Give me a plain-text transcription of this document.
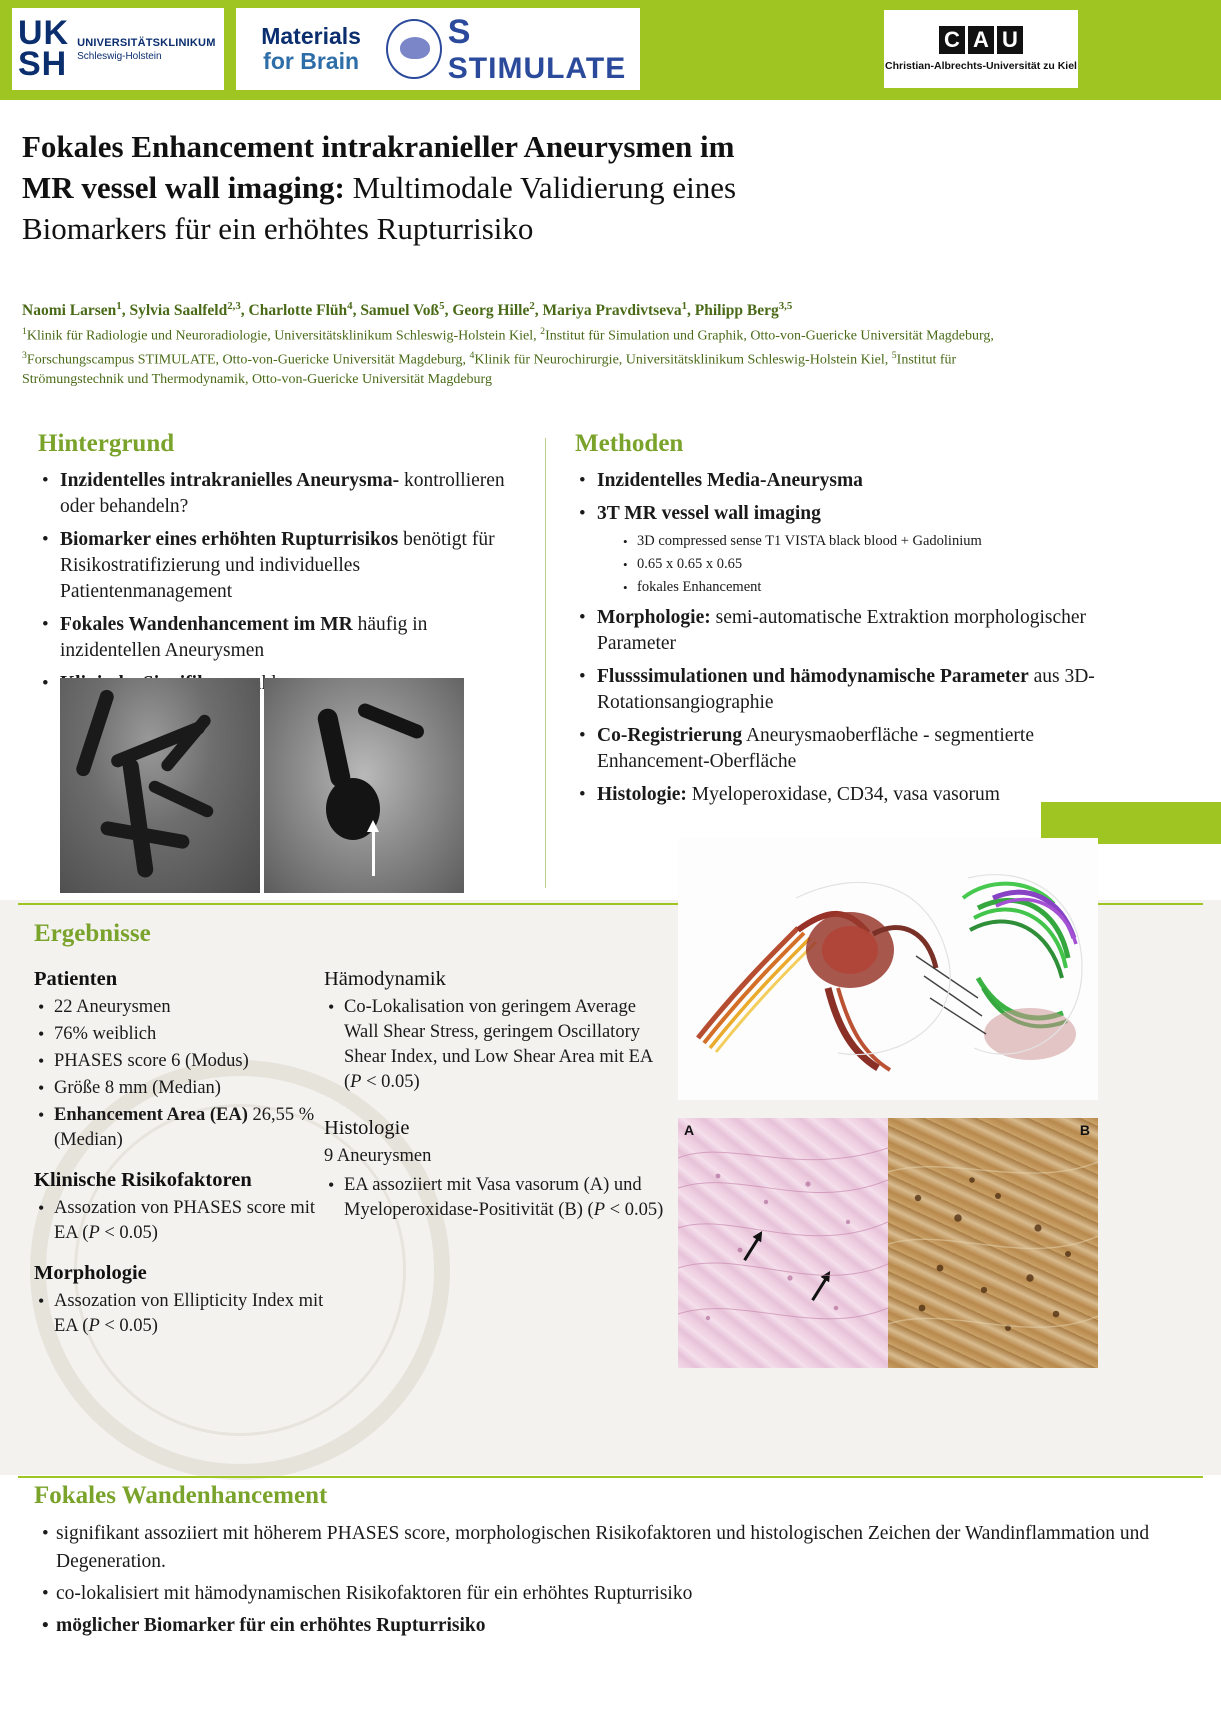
UK
SH
UNIVERSITÄTSKLINIKUM
Schleswig-Holstein
Materials
for Brain
SSTIMULATE
C A U
Christian-Albrechts-Universität zu Kiel
Fokales Enhancement intrakranieller Aneurysmen im
MR vessel wall imaging: Multimodale Validierung eines
Biomarkers für ein erhöhtes Rupturrisiko
Naomi Larsen$^1$, Sylvia Saalfeld$^{2,3}$, Charlotte Flüh$^4$, Samuel Voß$^5$, Georg Hille$^2$, Mariya Pravdivtseva$^1$, Philipp Berg$^{3,5}$
$^1$Klinik für Radiologie und Neuroradiologie, Universitätsklinikum Schleswig-Holstein Kiel, $^2$Institut für Simulation und Graphik, Otto-von-Guericke Universität Magdeburg, $^3$Forschungscampus STIMULATE, Otto-von-Guericke Universität Magdeburg, $^4$Klinik für Neurochirurgie, Universitätsklinikum Schleswig-Holstein Kiel, $^5$Institut für Strömungstechnik und Thermodynamik, Otto-von-Guericke Universität Magdeburg
Hintergrund
• Inzidentelles intrakranielles Aneurysma- kontrollieren oder behandeln?
• Biomarker eines erhöhten Rupturrisikos benötigt für Risikostratifizierung und individuelles Patientenmanagement
• Fokales Wandenhancement im MR häufig in inzidentellen Aneurysmen
•
Methoden
• Inzidentelles Media-Aneurysma
• 3T MR vessel wall imaging
• 3D compressed sense T1 VISTA black blood + Gadolinium
• 0.65 x 0.65 x 0.65
• fokales Enhancement
• Morphologie: semi-automatische Extraktion morphologischer Parameter
• Flusssimulationen und hämodynamische Parameter aus 3D-Rotationsangiographie
• Co-Registrierung Aneurysmaoberfläche - segmentierte Enhancement-Oberfläche
• Histologie: Myeloperoxidase, CD34, vasa vasorum
Ergebnisse
Patienten
• 22 Aneurysmen
• 76% weiblich
• PHASES score 6 (Modus)
• Größe 8 mm (Median)
• Enhancement Area (EA) 26,55 % (Median)
Klinische Risikofaktoren
• Assozation von PHASES score mit EA (P < 0.05)
Morphologie
• Assozation von Ellipticity Index mit EA (P < 0.05)
Hämodynamik
• Co-Lokalisation von geringem Average Wall Shear Stress, geringem Oscillatory Shear Index, und Low Shear Area mit EA (P < 0.05)
Histologie
9 Aneurysmen
• EA assoziiert mit Vasa vasorum (A) und Myeloperoxidase-Positivität (B) (P < 0.05)
A	B
Fokales Wandenhancement
• signifikant assoziiert mit höherem PHASES score, morphologischen Risikofaktoren und histologischen Zeichen der Wandinflammation und Degeneration.
• co-lokalisiert mit hämodynamischen Risikofaktoren für ein erhöhtes Rupturrisiko
• möglicher Biomarker für ein erhöhtes Rupturrisiko
